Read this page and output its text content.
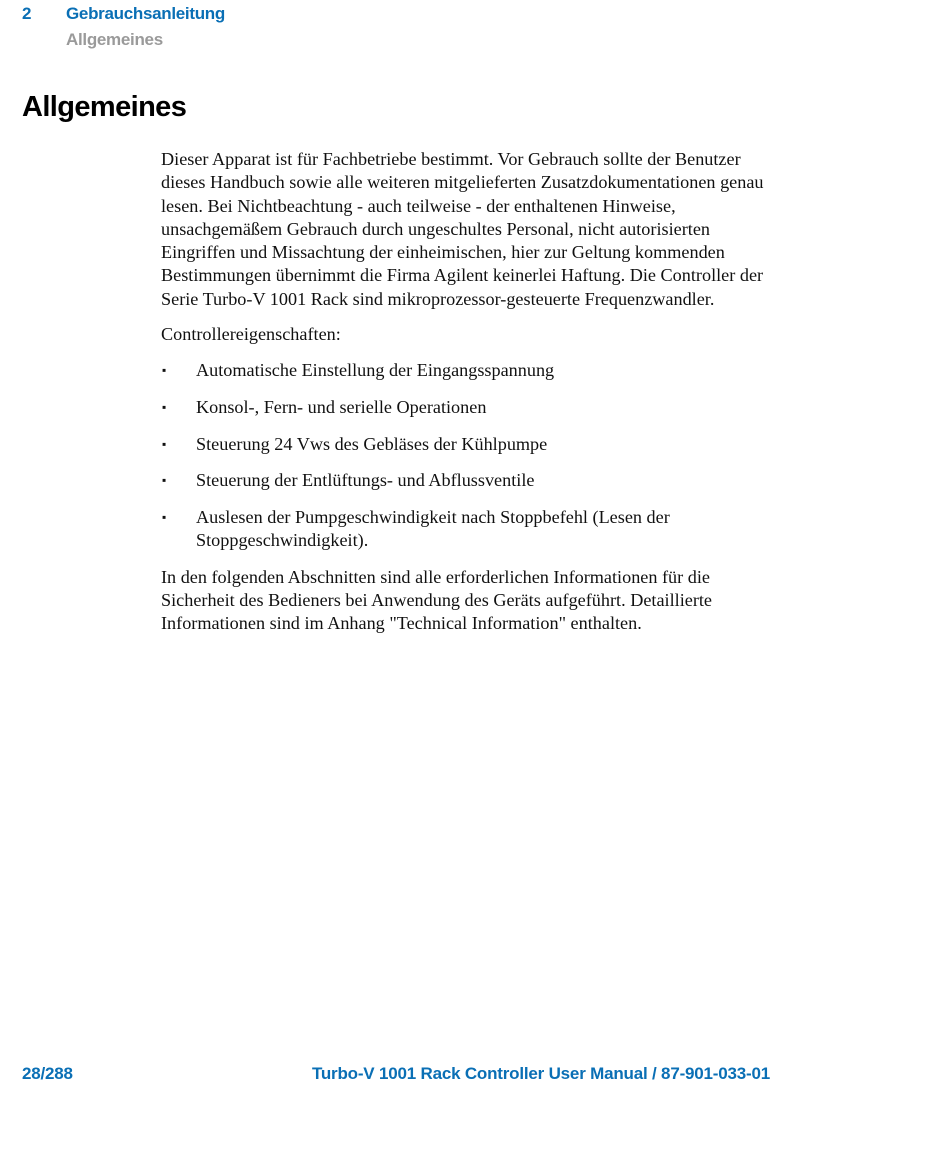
2 Gebrauchsanleitung
Allgemeines
Allgemeines

Dieser Apparat ist für Fachbetriebe bestimmt. Vor Gebrauch sollte der Benutzer dieses Handbuch sowie alle weiteren mitgelieferten Zusatzdokumentationen genau lesen. Bei Nichtbeachtung - auch teilweise - der enthaltenen Hinweise, unsachgemäßem Gebrauch durch ungeschultes Personal, nicht autorisierten Eingriffen und Missachtung der einheimischen, hier zur Geltung kommenden Bestimmungen übernimmt die Firma Agilent keinerlei Haftung. Die Controller der Serie Turbo-V 1001 Rack sind mikroprozessor-gesteuerte Frequenzwandler.

Controllereigenschaften:

▪ Automatische Einstellung der Eingangsspannung
▪ Konsol-, Fern- und serielle Operationen
▪ Steuerung 24 Vws des Gebläses der Kühlpumpe
▪ Steuerung der Entlüftungs- und Abflussventile
▪ Auslesen der Pumpgeschwindigkeit nach Stoppbefehl (Lesen der Stoppgeschwindigkeit).

In den folgenden Abschnitten sind alle erforderlichen Informationen für die Sicherheit des Bedieners bei Anwendung des Geräts aufgeführt. Detaillierte Informationen sind im Anhang "Technical Information" enthalten.

28/288	Turbo-V 1001 Rack Controller User Manual / 87-901-033-01
